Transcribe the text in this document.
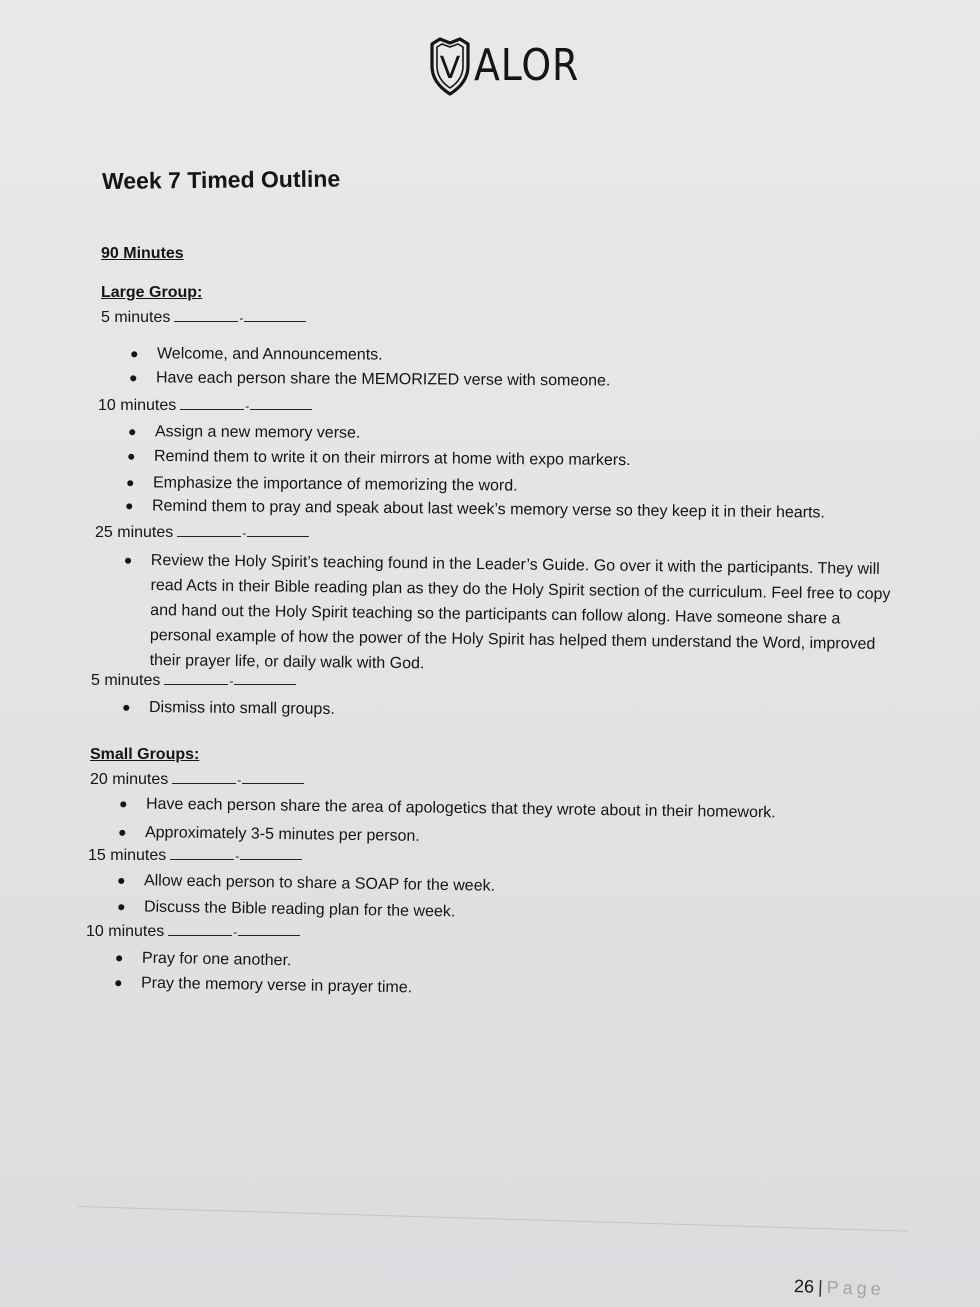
V ALOR
Week 7 Timed Outline
90 Minutes
Large Group:
5 minutes	-
● Welcome, and Announcements.
● Have each person share the MEMORIZED verse with someone.
10 minutes	-
● Assign a new memory verse.
● Remind them to write it on their mirrors at home with expo markers.
● Emphasize the importance of memorizing the word.
● Remind them to pray and speak about last week’s memory verse so they keep it in their hearts.
25 minutes	-
● Review the Holy Spirit’s teaching found in the Leader’s Guide. Go over it with the participants. They will read Acts in their Bible reading plan as they do the Holy Spirit section of the curriculum. Feel free to copy and hand out the Holy Spirit teaching so the participants can follow along. Have someone share a personal example of how the power of the Holy Spirit has helped them understand the Word, improved their prayer life, or daily walk with God.
5 minutes	-
● Dismiss into small groups.
Small Groups:
20 minutes	-
● Have each person share the area of apologetics that they wrote about in their homework.
● Approximately 3-5 minutes per person.
15 minutes	-
● Allow each person to share a SOAP for the week.
● Discuss the Bible reading plan for the week.
10 minutes	-
● Pray for one another.
● Pray the memory verse in prayer time.
26 | Page
